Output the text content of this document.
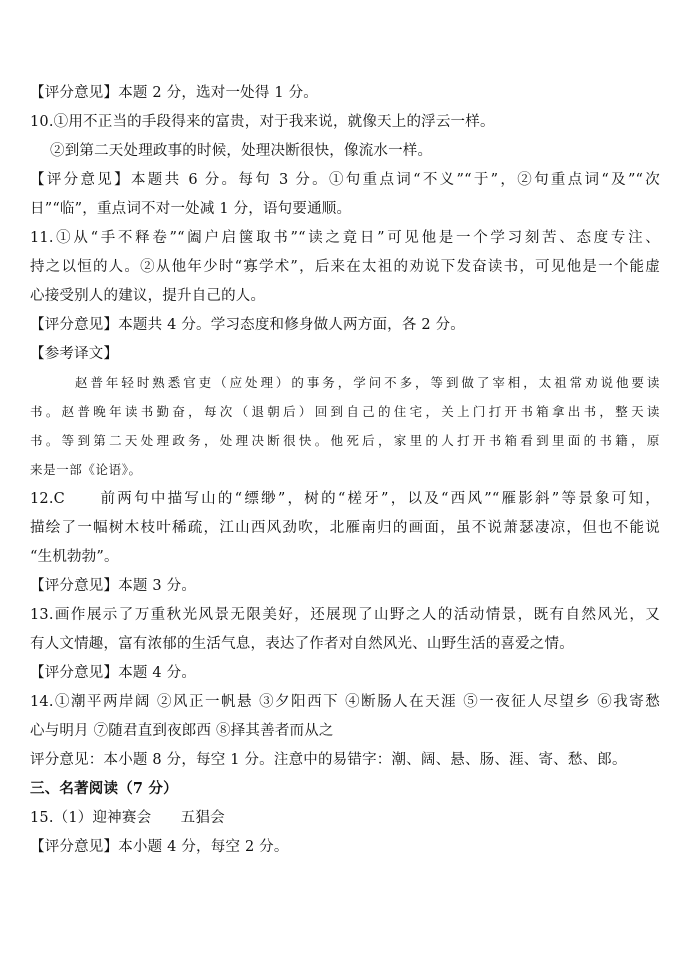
【评分意见】本题 2 分，选对一处得 1 分。
10.①用不正当的手段得来的富贵，对于我来说，就像天上的浮云一样。
②到第二天处理政事的时候，处理决断很快，像流水一样。
【评分意见】本题共 6 分。每句 3 分。①句重点词“不义”“于”，②句重点词“及”“次
日”“临”，重点词不对一处减 1 分，语句要通顺。
11.①从“手不释卷”“阖户启箧取书”“读之竟日”可见他是一个学习刻苦、态度专注、
持之以恒的人。②从他年少时“寡学术”，后来在太祖的劝说下发奋读书，可见他是一个能虚
心接受别人的建议，提升自己的人。
【评分意见】本题共 4 分。学习态度和修身做人两方面，各 2 分。
【参考译文】
赵普年轻时熟悉官吏（应处理）的事务，学问不多，等到做了宰相，太祖常劝说他要读
书。赵普晚年读书勤奋，每次（退朝后）回到自己的住宅，关上门打开书箱拿出书，整天读
书。等到第二天处理政务，处理决断很快。他死后，家里的人打开书箱看到里面的书籍，原
来是一部《论语》。
12.C　　前两句中描写山的“缥缈”，树的“槎牙”，以及“西风”“雁影斜”等景象可知，
描绘了一幅树木枝叶稀疏，江山西风劲吹，北雁南归的画面，虽不说萧瑟凄凉，但也不能说
“生机勃勃”。
【评分意见】本题 3 分。
13.画作展示了万重秋光风景无限美好，还展现了山野之人的活动情景，既有自然风光，又
有人文情趣，富有浓郁的生活气息，表达了作者对自然风光、山野生活的喜爱之情。
【评分意见】本题 4 分。
14.①潮平两岸阔 ②风正一帆悬 ③夕阳西下 ④断肠人在天涯 ⑤一夜征人尽望乡 ⑥我寄愁
心与明月 ⑦随君直到夜郎西 ⑧择其善者而从之
评分意见：本小题 8 分，每空 1 分。注意中的易错字：潮、阔、悬、肠、涯、寄、愁、郎。
三、名著阅读（7 分）
15.（1）迎神赛会　　五猖会
【评分意见】本小题 4 分，每空 2 分。
